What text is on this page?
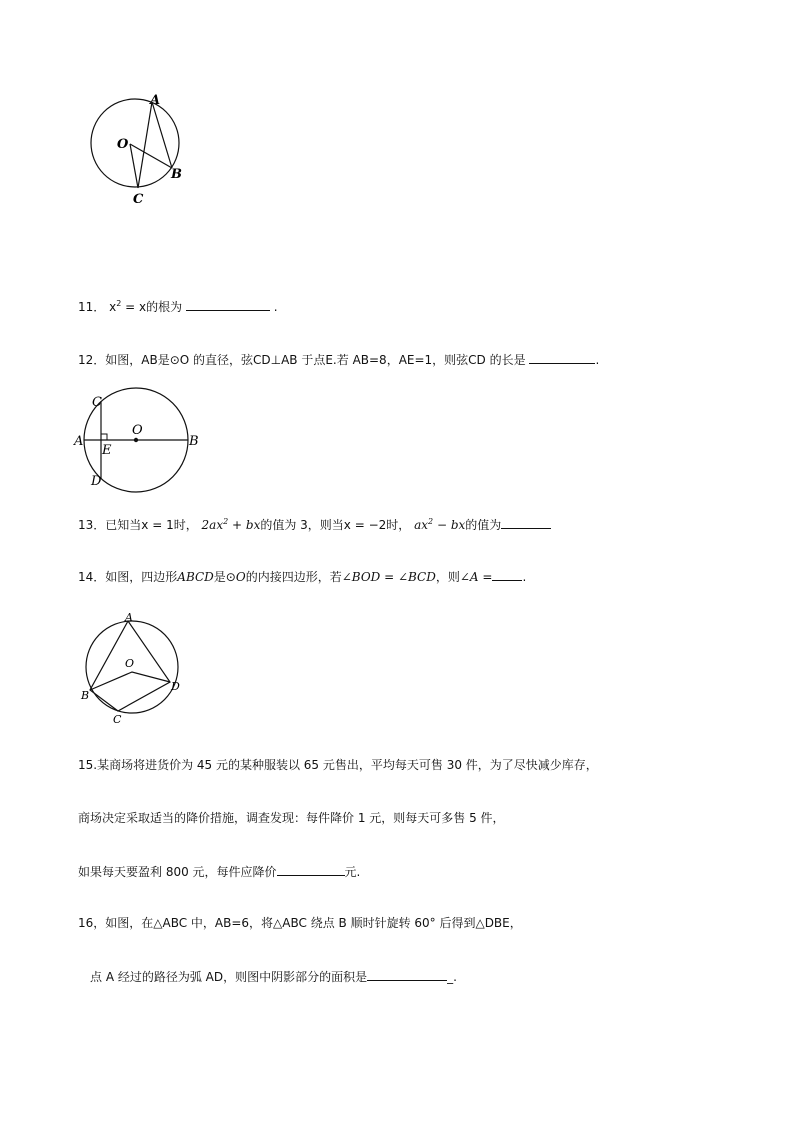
A
O
B
C
11． $x^2 = x$的根为	.
12．如图，AB是⊙O 的直径，弦CD⊥AB 于点E.若 AB=8，AE=1，则弦CD 的长是	.
C
A
O
B
E
D
13．已知当x = 1时， $2ax^2$ + bx的值为 3，则当x = −2时， $ax^2$ − bx的值为
14．如图，四边形ABCD是⊙O的内接四边形，若∠BOD = ∠BCD，则∠A =	.
A
O
B
D
C
15.某商场将进货价为 45 元的某种服装以 65 元售出，平均每天可售 30 件，为了尽快减少库存，
商场决定采取适当的降价措施，调查发现：每件降价 1 元，则每天可多售 5 件，
如果每天要盈利 800 元，每件应降价	元.
16，如图，在△ABC 中，AB=6，将△ABC 绕点 B 顺时针旋转 60° 后得到△DBE，
点 A 经过的路径为弧 AD，则图中阴影部分的面积是	_.
